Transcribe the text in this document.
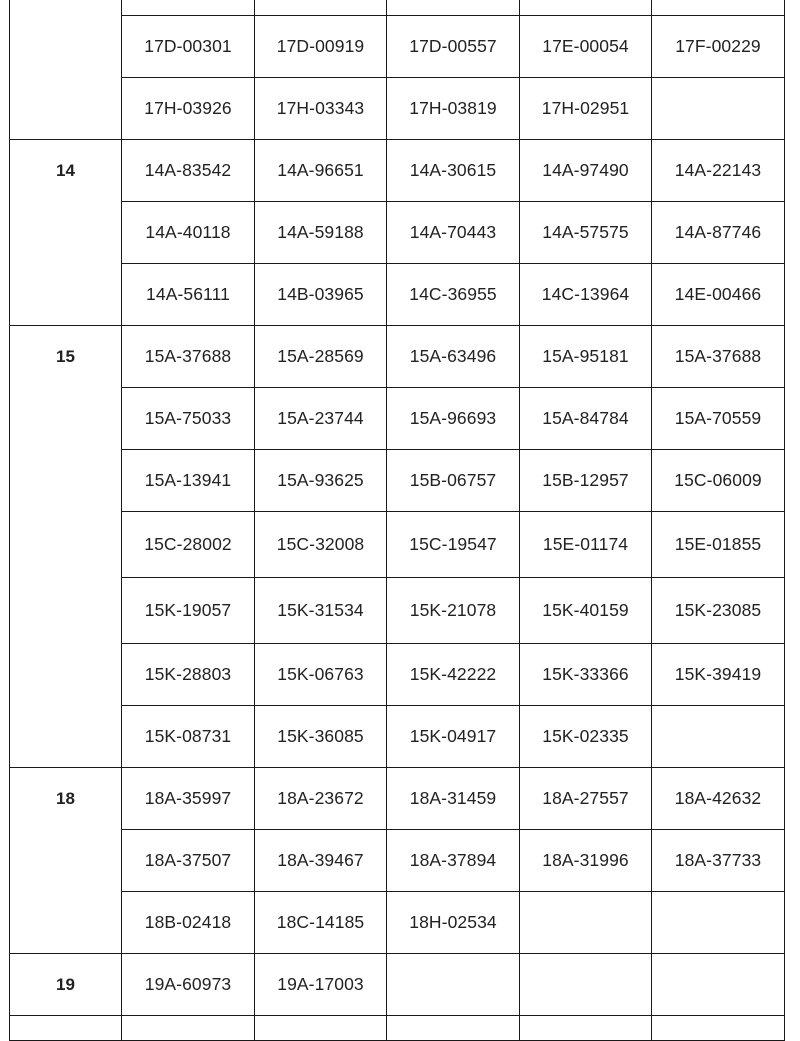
	17D-00301	17D-00919	17D-00557	17E-00054	17F-00229
	17H-03926	17H-03343	17H-03819	17H-02951	
14	14A-83542	14A-96651	14A-30615	14A-97490	14A-22143
	14A-40118	14A-59188	14A-70443	14A-57575	14A-87746
	14A-56111	14B-03965	14C-36955	14C-13964	14E-00466
15	15A-37688	15A-28569	15A-63496	15A-95181	15A-37688
	15A-75033	15A-23744	15A-96693	15A-84784	15A-70559
	15A-13941	15A-93625	15B-06757	15B-12957	15C-06009
	15C-28002	15C-32008	15C-19547	15E-01174	15E-01855
	15K-19057	15K-31534	15K-21078	15K-40159	15K-23085
	15K-28803	15K-06763	15K-42222	15K-33366	15K-39419
	15K-08731	15K-36085	15K-04917	15K-02335	
18	18A-35997	18A-23672	18A-31459	18A-27557	18A-42632
	18A-37507	18A-39467	18A-37894	18A-31996	18A-37733
	18B-02418	18C-14185	18H-02534		
19	19A-60973	19A-17003			
